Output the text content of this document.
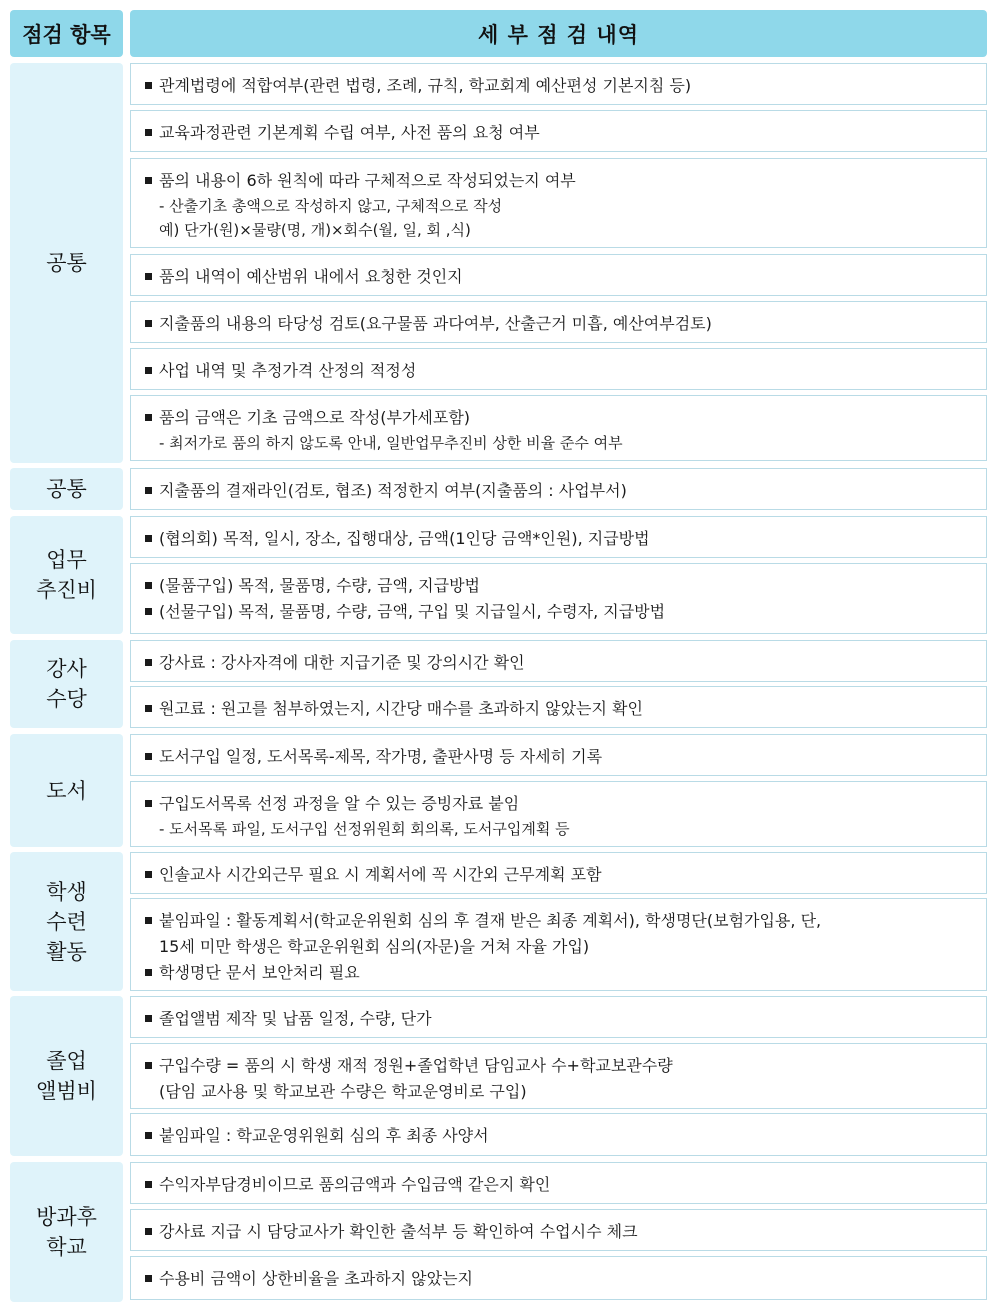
점검 항목	세 부 점 검 내역
공통
공통
업무
추진비
강사
수당
도서
학생
수련
활동
졸업
앨범비
방과후
학교
관계법령에 적합여부(관련 법령, 조례, 규칙, 학교회계 예산편성 기본지침 등)
교육과정관련 기본계획 수립 여부, 사전 품의 요청 여부
품의 내용이 6하 원칙에 따라 구체적으로 작성되었는지 여부
- 산출기초 총액으로 작성하지 않고, 구체적으로 작성
예) 단가(원)×물량(명, 개)×회수(월, 일, 회 ,식)
품의 내역이 예산범위 내에서 요청한 것인지
지출품의 내용의 타당성 검토(요구물품 과다여부, 산출근거 미흡, 예산여부검토)
사업 내역 및 추정가격 산정의 적정성
품의 금액은 기초 금액으로 작성(부가세포함)
- 최저가로 품의 하지 않도록 안내, 일반업무추진비 상한 비율 준수 여부
지출품의 결재라인(검토, 협조) 적정한지 여부(지출품의 : 사업부서)
(협의회) 목적, 일시, 장소, 집행대상, 금액(1인당 금액*인원), 지급방법
(물품구입) 목적, 물품명, 수량, 금액, 지급방법
(선물구입) 목적, 물품명, 수량, 금액, 구입 및 지급일시, 수령자, 지급방법
강사료 : 강사자격에 대한 지급기준 및 강의시간 확인
원고료 : 원고를 첨부하였는지, 시간당 매수를 초과하지 않았는지 확인
도서구입 일정, 도서목록-제목, 작가명, 출판사명 등 자세히 기록
구입도서목록 선정 과정을 알 수 있는 증빙자료 붙임
- 도서목록 파일, 도서구입 선정위원회 회의록, 도서구입계획 등
인솔교사 시간외근무 필요 시 계획서에 꼭 시간외 근무계획 포함
붙임파일 : 활동계획서(학교운위원회 심의 후 결재 받은 최종 계획서), 학생명단(보험가입용, 단,
15세 미만 학생은 학교운위원회 심의(자문)을 거쳐 자율 가입)
학생명단 문서 보안처리 필요
졸업앨범 제작 및 납품 일정, 수량, 단가
구입수량 = 품의 시 학생 재적 정원+졸업학년 담임교사 수+학교보관수량
(담임 교사용 및 학교보관 수량은 학교운영비로 구입)
붙임파일 : 학교운영위원회 심의 후 최종 사양서
수익자부담경비이므로 품의금액과 수입금액 같은지 확인
강사료 지급 시 담당교사가 확인한 출석부 등 확인하여 수업시수 체크
수용비 금액이 상한비율을 초과하지 않았는지
